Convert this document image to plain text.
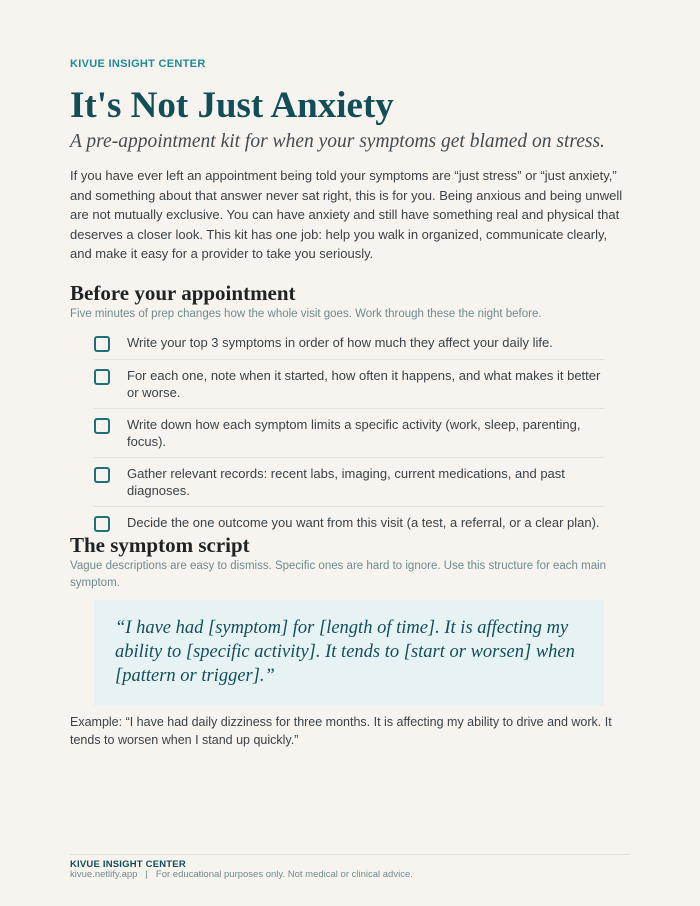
KIVUE INSIGHT CENTER
It's Not Just Anxiety

A pre-appointment kit for when your symptoms get blamed on stress.

If you have ever left an appointment being told your symptoms are “just stress” or “just anxiety,” and something about that answer never sat right, this is for you. Being anxious and being unwell are not mutually exclusive. You can have anxiety and still have something real and physical that deserves a closer look. This kit has one job: help you walk in organized, communicate clearly, and make it easy for a provider to take you seriously.

Before your appointment

Five minutes of prep changes how the whole visit goes. Work through these the night before.

Write your top 3 symptoms in order of how much they affect your daily life.
For each one, note when it started, how often it happens, and what makes it better or worse.
Write down how each symptom limits a specific activity (work, sleep, parenting, focus).
Gather relevant records: recent labs, imaging, current medications, and past diagnoses.
Decide the one outcome you want from this visit (a test, a referral, or a clear plan).
The symptom script

Vague descriptions are easy to dismiss. Specific ones are hard to ignore. Use this structure for each main symptom.

“I have had [symptom] for [length of time]. It is affecting my ability to [specific activity]. It tends to [start or worsen] when [pattern or trigger].”

Example: “I have had daily dizziness for three months. It is affecting my ability to drive and work. It tends to worsen when I stand up quickly.”

KIVUE INSIGHT CENTER
kivue.netlify.app | For educational purposes only. Not medical or clinical advice.
